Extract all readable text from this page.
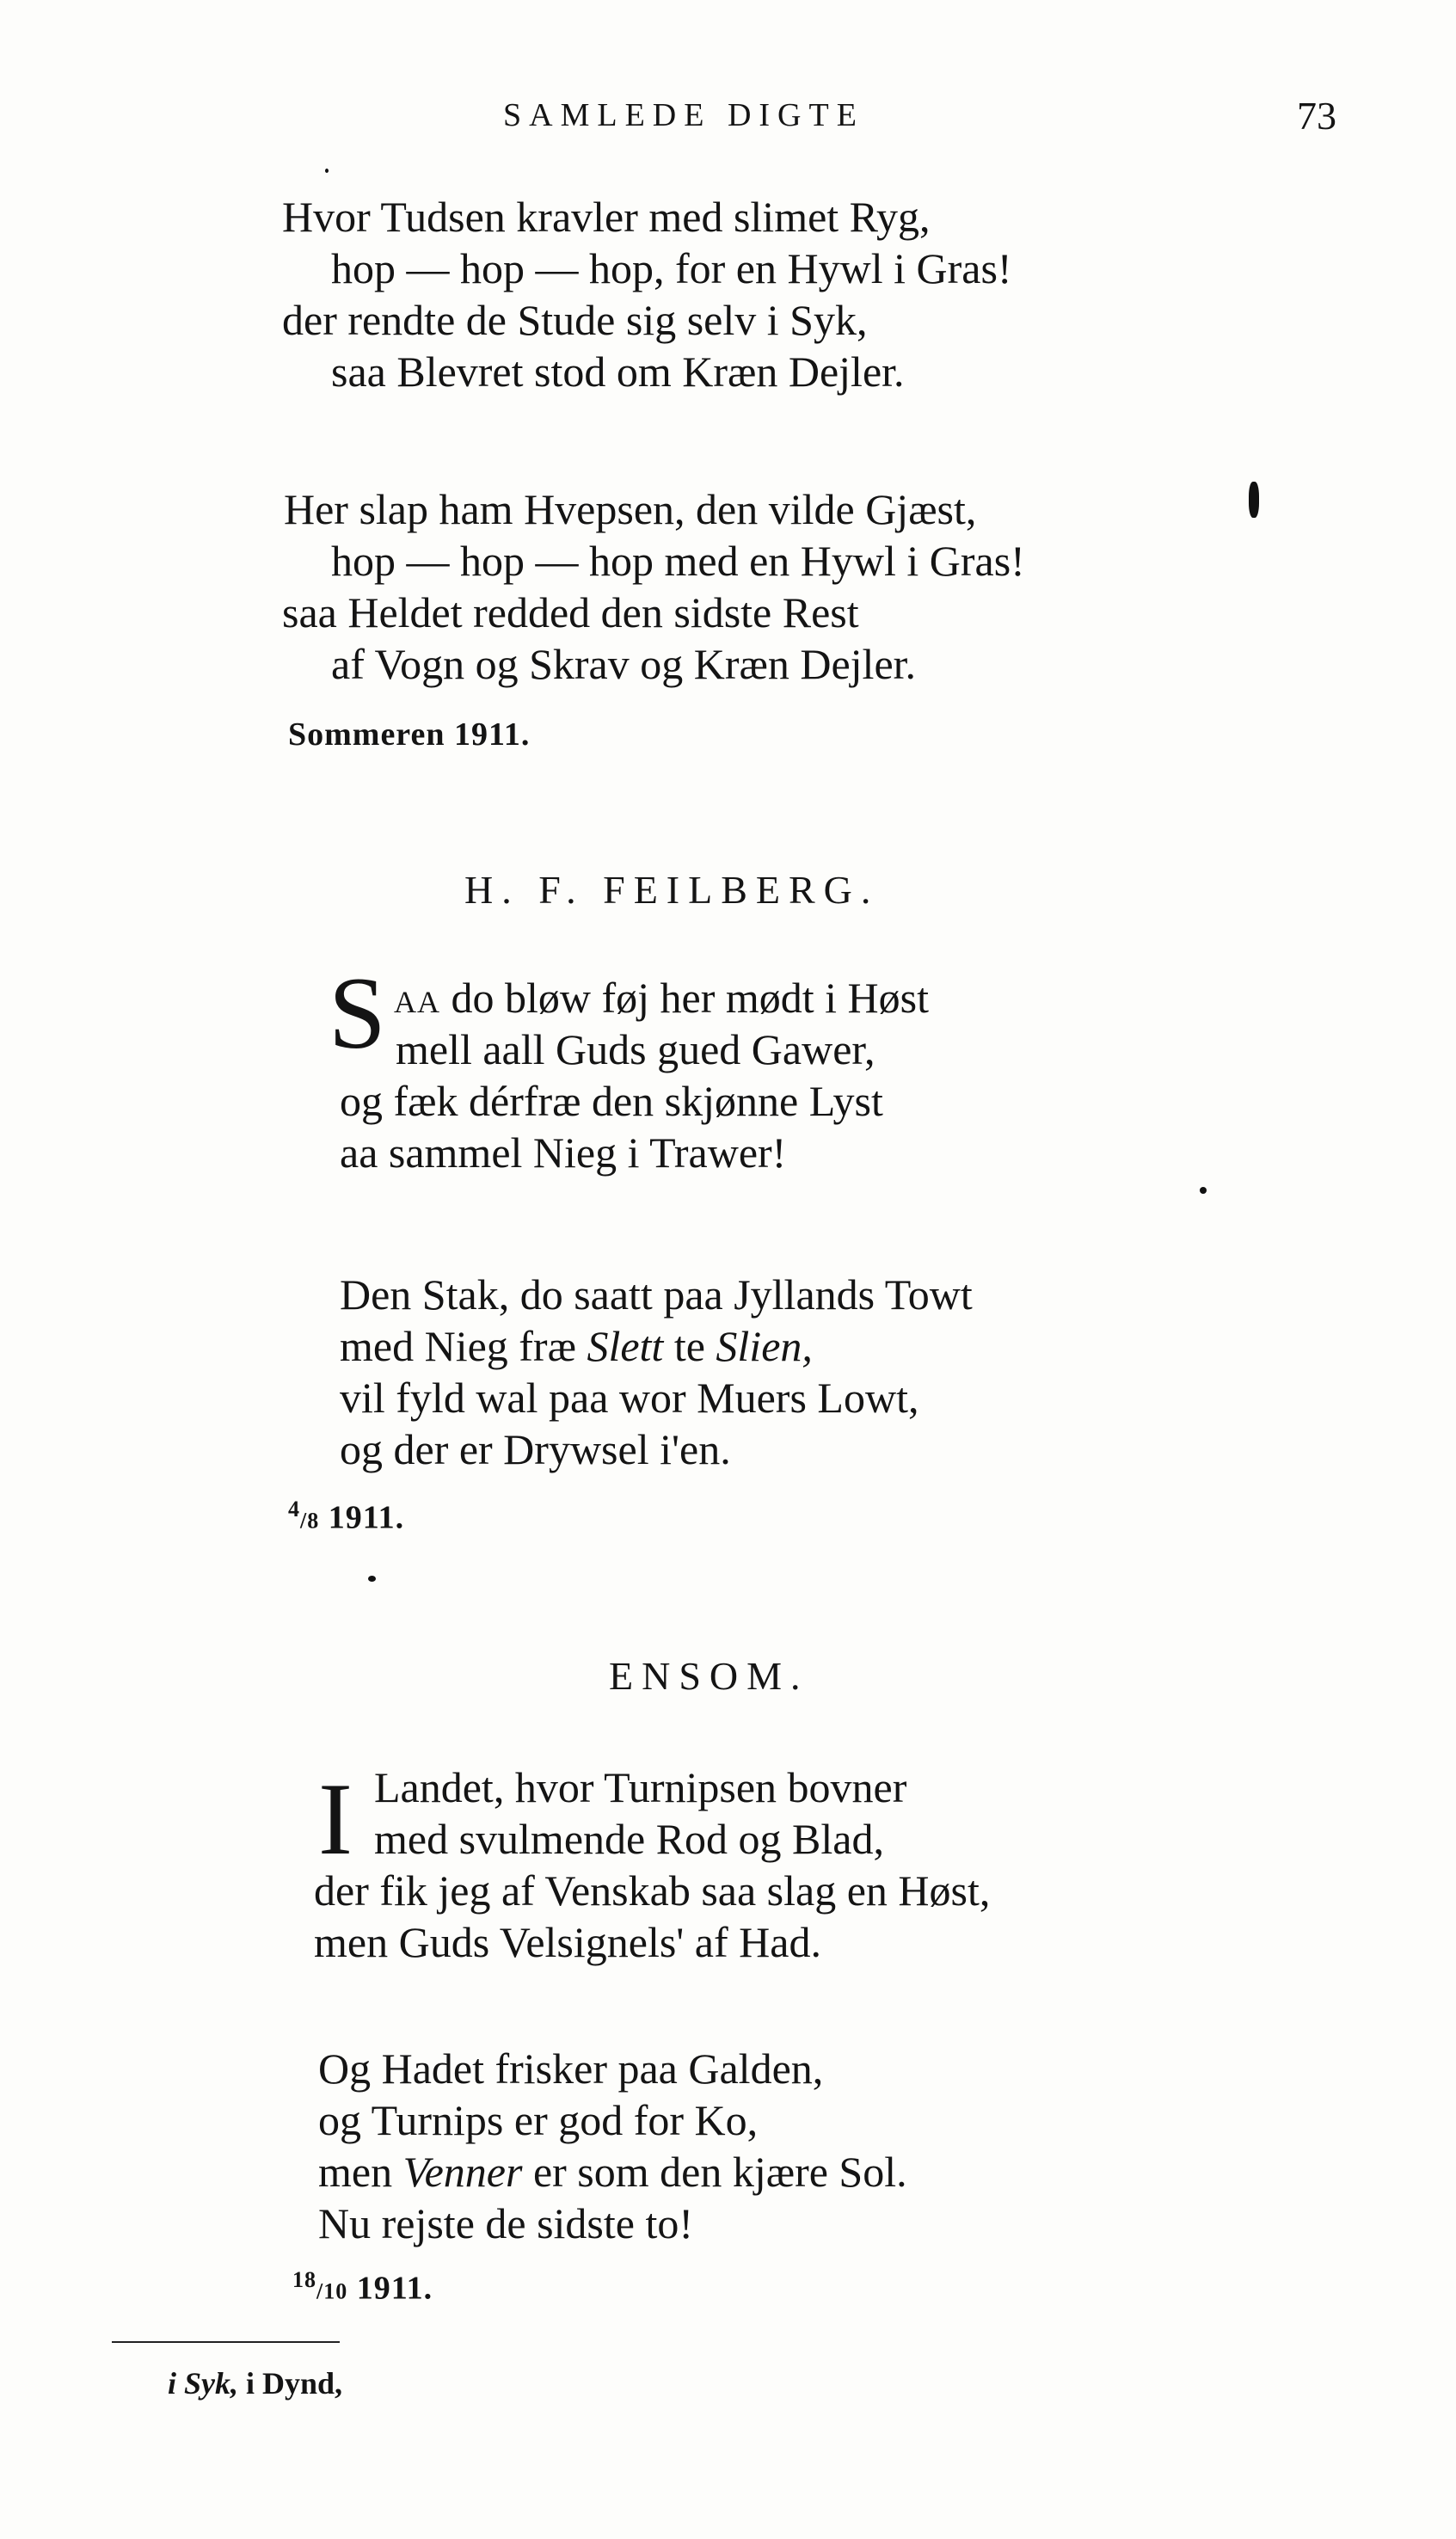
SAMLEDE DIGTE	73
Hvor Tudsen kravler med slimet Ryg,
hop — hop — hop, for en Hywl i Gras!
der rendte de Stude sig selv i Syk,
saa Blevret stod om Kræn Dejler.
Her slap ham Hvepsen, den vilde Gjæst,
hop — hop — hop med en Hywl i Gras!
saa Heldet redded den sidste Rest
af Vogn og Skrav og Kræn Dejler.
Sommeren 1911.
H. F. FEILBERG.
S AA do bløw føj her mødt i Høst
mell aall Guds gued Gawer,
og fæk dérfræ den skjønne Lyst
aa sammel Nieg i Trawer!
Den Stak, do saatt paa Jyllands Towt
med Nieg fræ Slett te Slien,
vil fyld wal paa wor Muers Lowt,
og der er Drywsel i'en.
$^4$/8 1911.
ENSOM.
I Landet, hvor Turnipsen bovner
med svulmende Rod og Blad,
der fik jeg af Venskab saa slag en Høst,
men Guds Velsignels' af Had.
Og Hadet frisker paa Galden,
og Turnips er god for Ko,
men Venner er som den kjære Sol.
Nu rejste de sidste to!
$^{18}$/10 1911.
i Syk, i Dynd,
